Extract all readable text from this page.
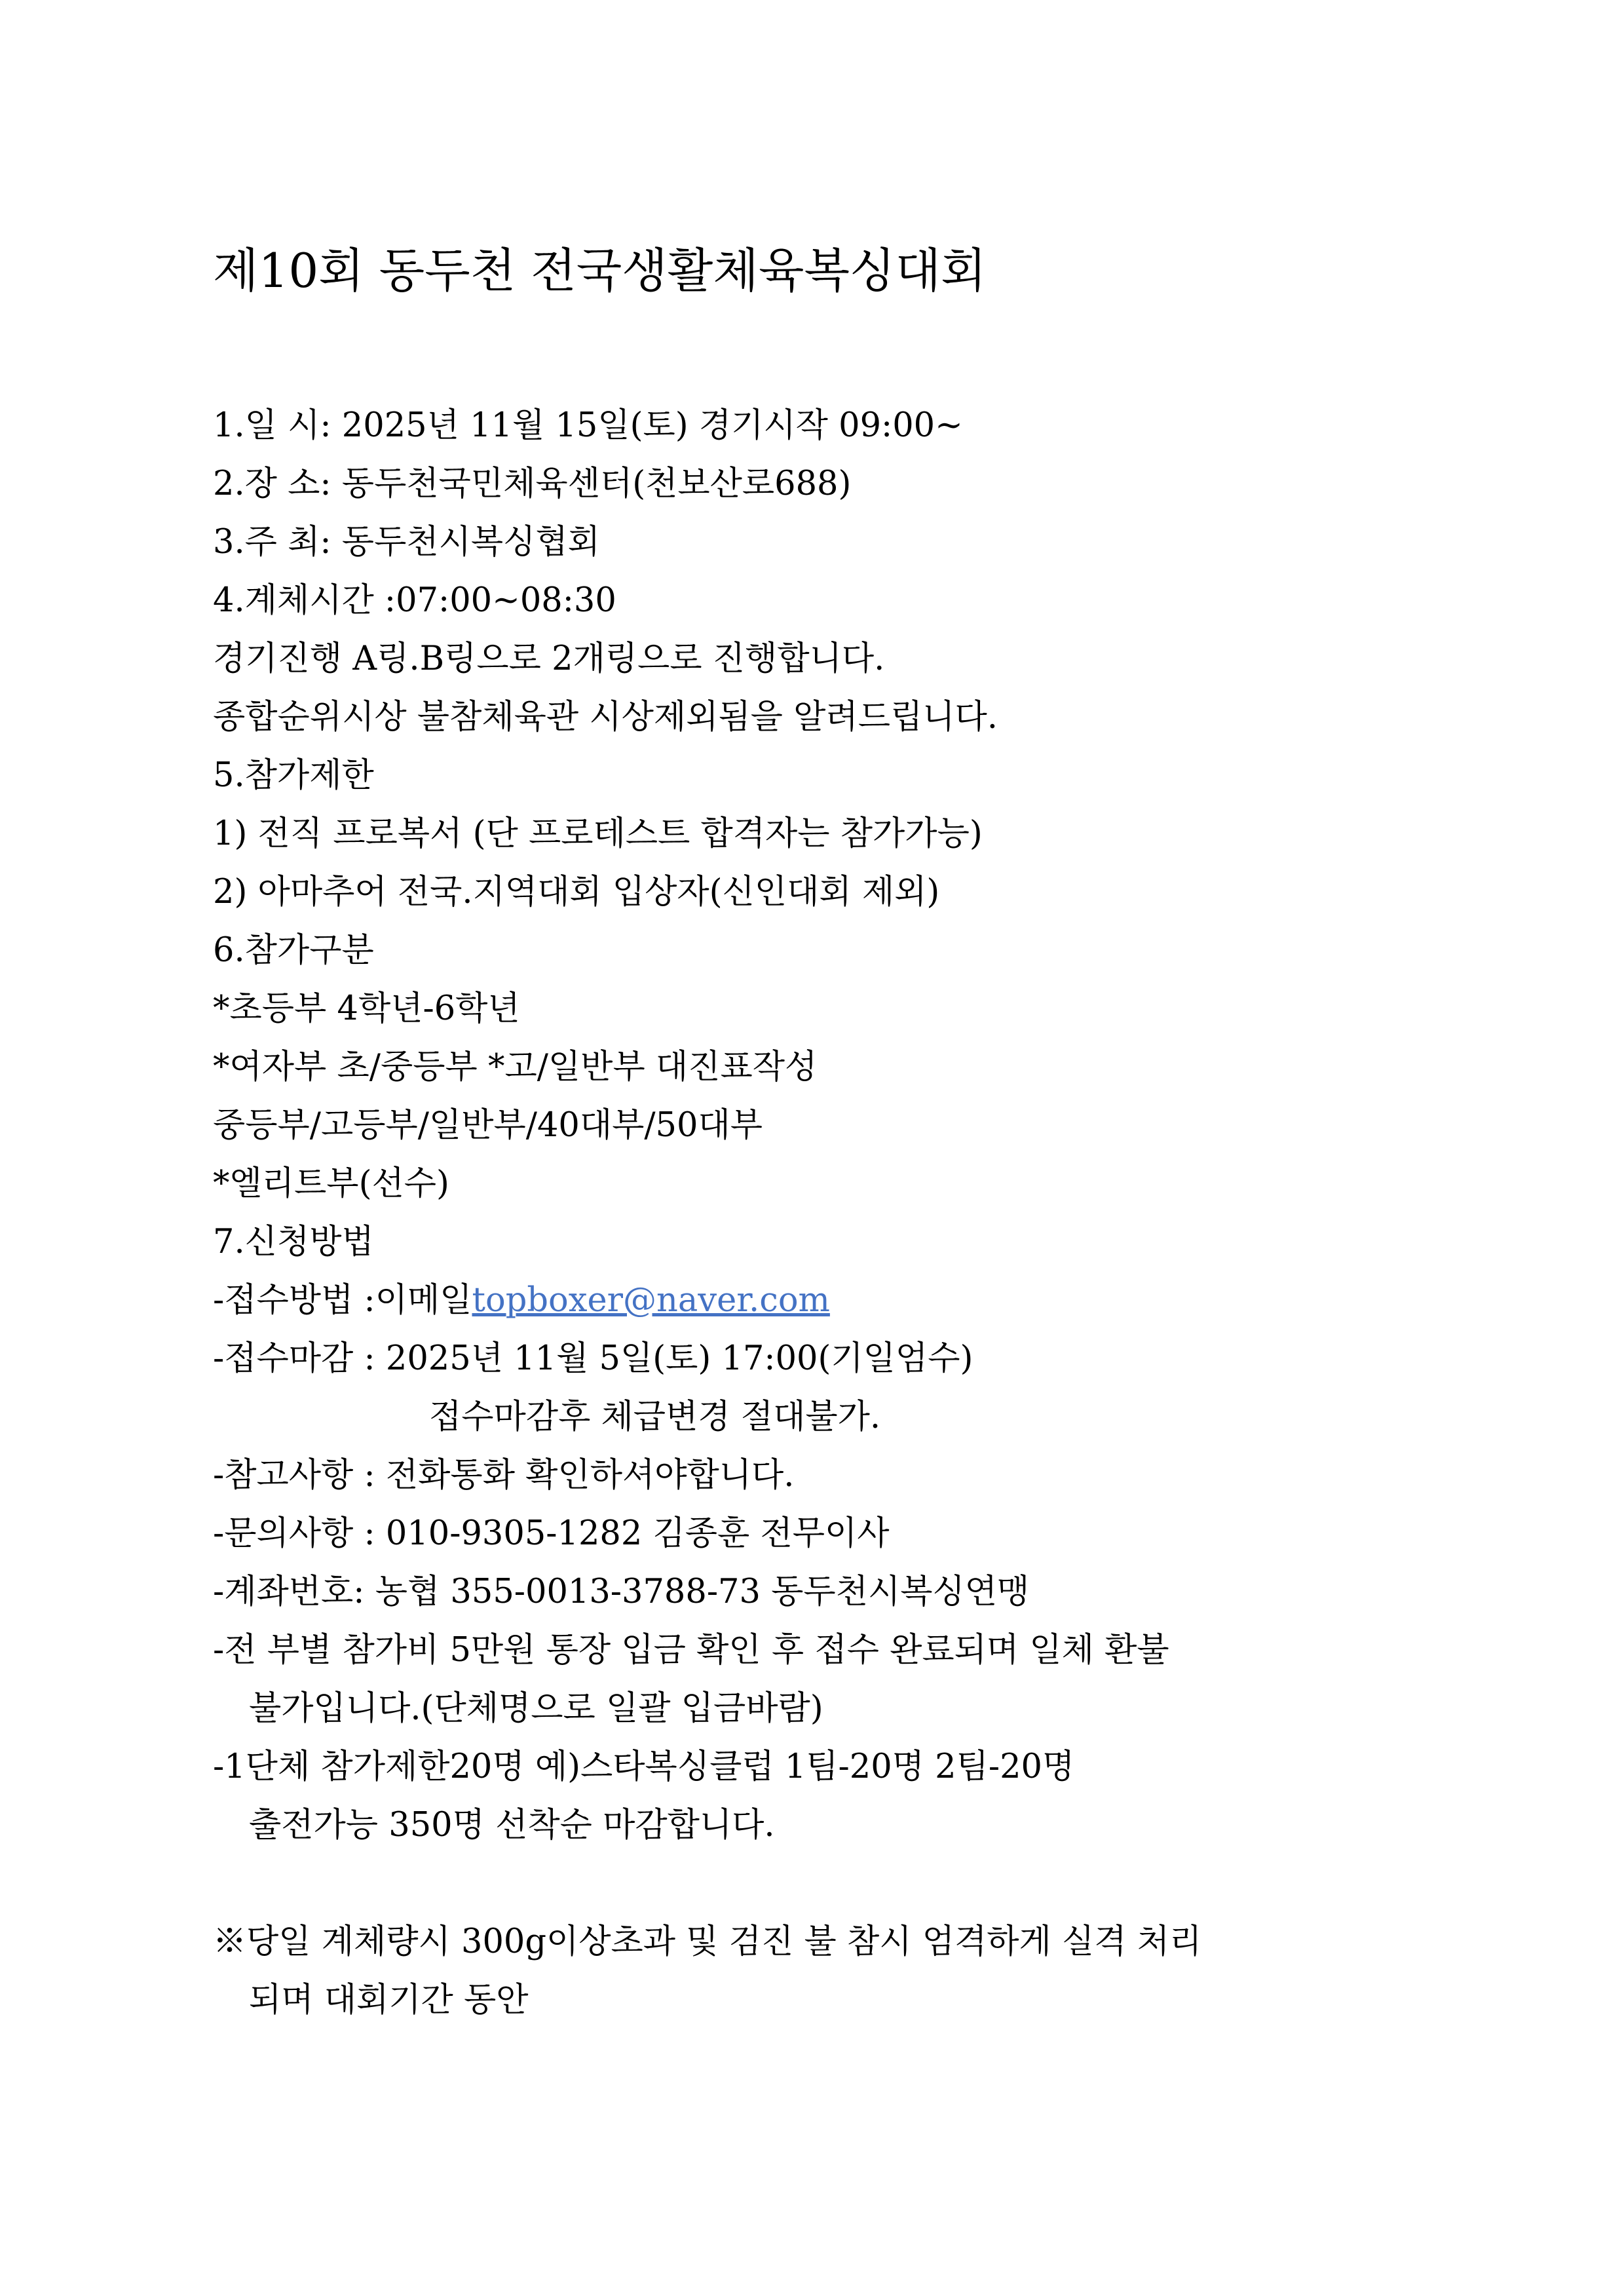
제10회 동두천 전국생활체육복싱대회
1.일 시: 2025년 11월 15일(토) 경기시작 09:00~
2.장 소: 동두천국민체육센터(천보산로688)
3.주 최: 동두천시복싱협회
4.계체시간 :07:00~08:30
경기진행 A링.B링으로 2개링으로 진행합니다.
종합순위시상 불참체육관 시상제외됨을 알려드립니다.
5.참가제한
1) 전직 프로복서 (단 프로테스트 합격자는 참가가능)
2) 아마추어 전국.지역대회 입상자(신인대회 제외)
6.참가구분
*초등부 4학년-6학년
*여자부 초/중등부 *고/일반부 대진표작성
중등부/고등부/일반부/40대부/50대부
*엘리트부(선수)
7.신청방법
-접수방법 :이메일topboxer@naver.com
-접수마감 : 2025년 11월 5일(토) 17:00(기일엄수)
접수마감후 체급변경 절대불가.
-참고사항 : 전화통화 확인하셔야합니다.
-문의사항 : 010-9305-1282 김종훈 전무이사
-계좌번호: 농협 355-0013-3788-73 동두천시복싱연맹
-전 부별 참가비 5만원 통장 입금 확인 후 접수 완료되며 일체 환불
불가입니다.(단체명으로 일괄 입금바람)
-1단체 참가제한20명 예)스타복싱클럽 1팀-20명 2팀-20명
출전가능 350명 선착순 마감합니다.
※당일 계체량시 300g이상초과 및 검진 불 참시 엄격하게 실격 처리
되며 대회기간 동안
